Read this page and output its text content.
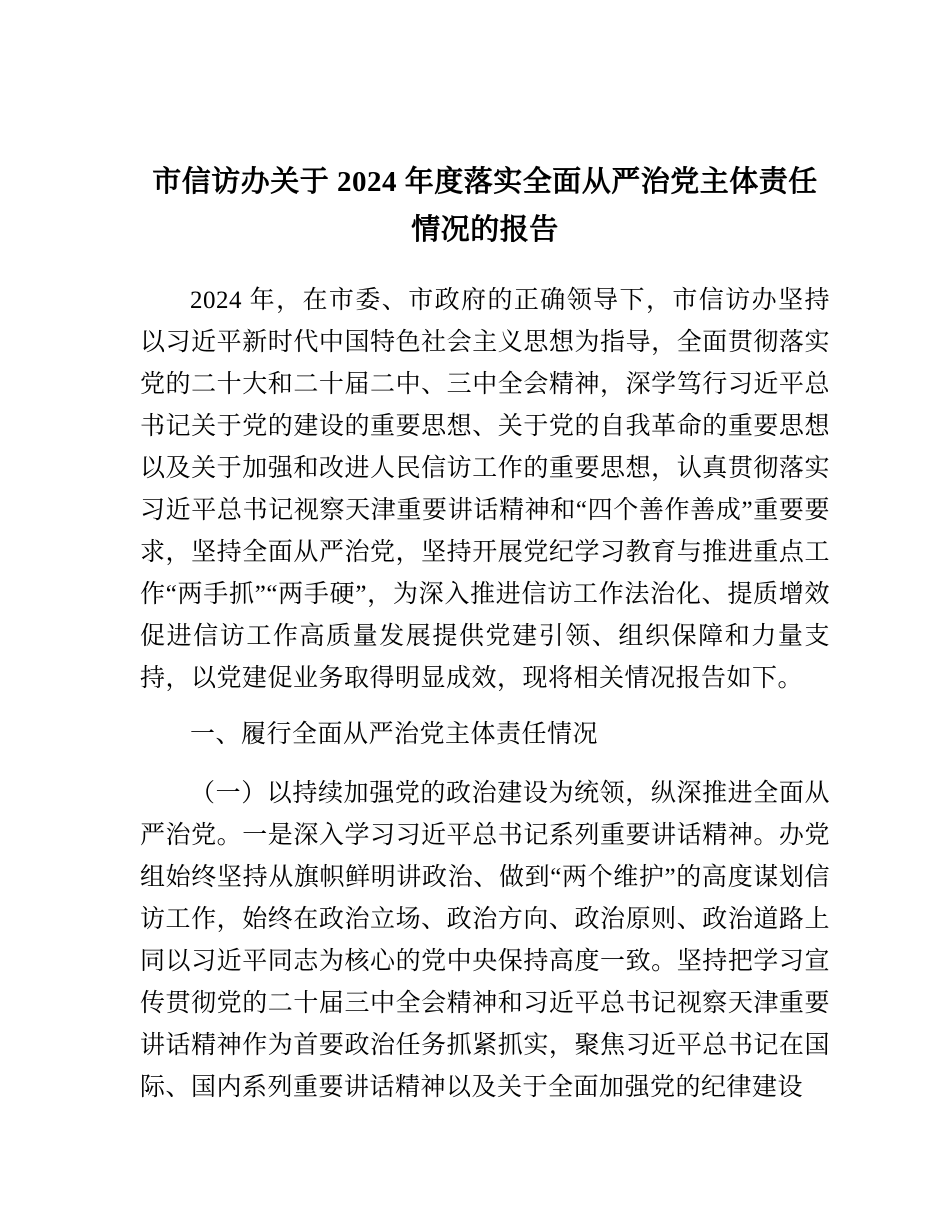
市信访办关于 2024 年度落实全面从严治党主体责任情况的报告

2024 年，在市委、市政府的正确领导下，市信访办坚持以习近平新时代中国特色社会主义思想为指导，全面贯彻落实党的二十大和二十届二中、三中全会精神，深学笃行习近平总书记关于党的建设的重要思想、关于党的自我革命的重要思想以及关于加强和改进人民信访工作的重要思想，认真贯彻落实习近平总书记视察天津重要讲话精神和“四个善作善成”重要要求，坚持全面从严治党，坚持开展党纪学习教育与推进重点工作“两手抓”“两手硬”，为深入推进信访工作法治化、提质增效促进信访工作高质量发展提供党建引领、组织保障和力量支持，以党建促业务取得明显成效，现将相关情况报告如下。

一、履行全面从严治党主体责任情况

（一）以持续加强党的政治建设为统领，纵深推进全面从严治党。一是深入学习习近平总书记系列重要讲话精神。办党组始终坚持从旗帜鲜明讲政治、做到“两个维护”的高度谋划信访工作，始终在政治立场、政治方向、政治原则、政治道路上同以习近平同志为核心的党中央保持高度一致。坚持把学习宣传贯彻党的二十届三中全会精神和习近平总书记视察天津重要讲话精神作为首要政治任务抓紧抓实，聚焦习近平总书记在国际、国内系列重要讲话精神以及关于全面加强党的纪律建设
